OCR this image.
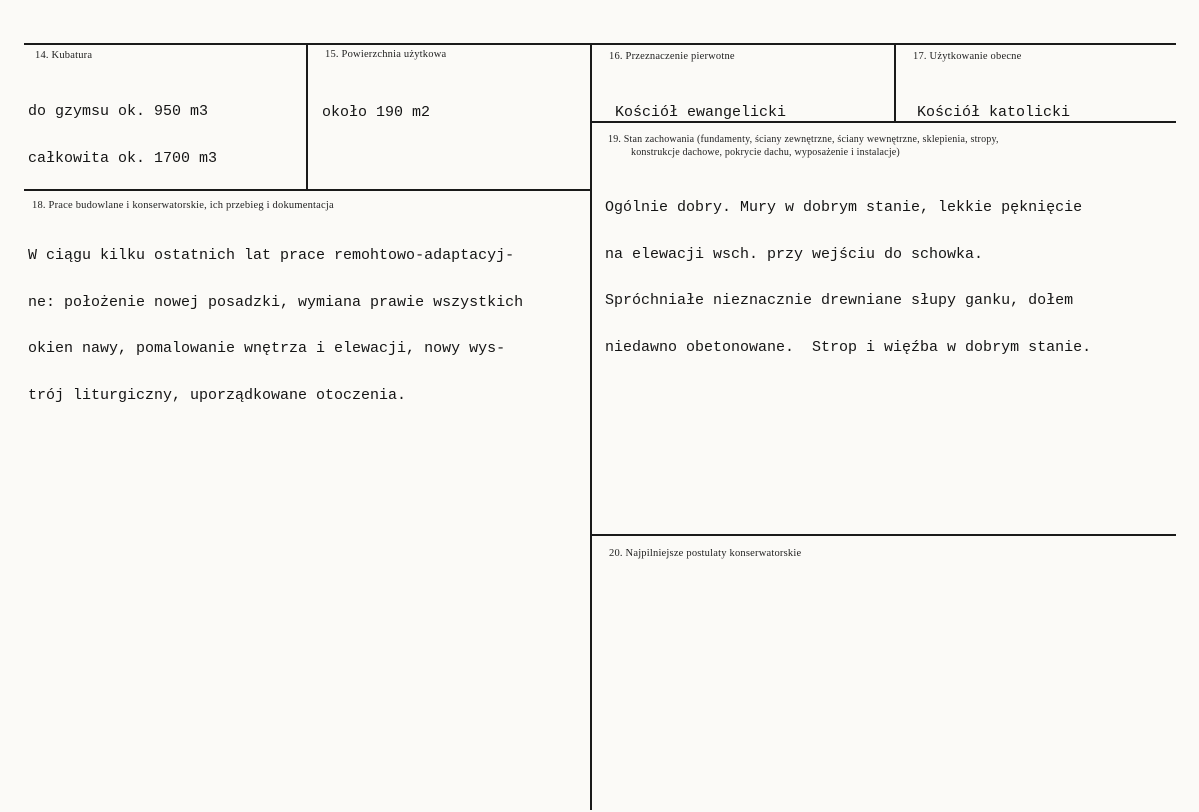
14. Kubatura

do gzymsu ok. 950 m3

całkowita ok. 1700 m3

15. Powierzchnia użytkowa

około 190 m2

16. Przeznaczenie pierwotne

Kościół ewangelicki

17. Użytkowanie obecne

Kościół katolicki

18. Prace budowlane i konserwatorskie, ich przebieg i dokumentacja

W ciągu kilku ostatnich lat prace remohtowo-adaptacyj-

ne: położenie nowej posadzki, wymiana prawie wszystkich

okien nawy, pomalowanie wnętrza i elewacji, nowy wys-

trój liturgiczny, uporządkowane otoczenia.

19. Stan zachowania (fundamenty, ściany zewnętrzne, ściany wewnętrzne, sklepienia, stropy,
konstrukcje dachowe, pokrycie dachu, wyposażenie i instalacje)

Ogólnie dobry. Mury w dobrym stanie, lekkie pęknięcie

na elewacji wsch. przy wejściu do schowka.

Spróchniałe nieznacznie drewniane słupy ganku, dołem

niedawno obetonowane.  Strop i więźba w dobrym stanie.

20. Najpilniejsze postulaty konserwatorskie
